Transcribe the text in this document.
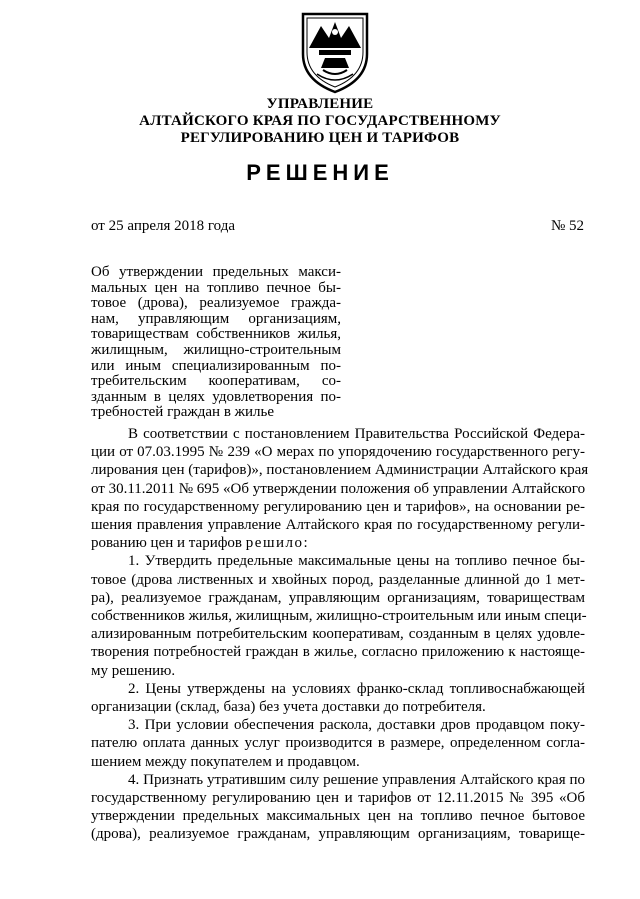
УПРАВЛЕНИЕ
АЛТАЙСКОГО КРАЯ ПО ГОСУДАРСТВЕННОМУ
РЕГУЛИРОВАНИЮ ЦЕН И ТАРИФОВ
РЕШЕНИЕ
от 25 апреля 2018 года	№ 52
Об утверждении предельных макси-
мальных цен на топливо печное бы-
товое (дрова), реализуемое гражда-
нам, управляющим организациям,
товариществам собственников жилья,
жилищным, жилищно-строительным
или иным специализированным по-
требительским кооперативам, со-
зданным в целях удовлетворения по-
требностей граждан в жилье
В соответствии с постановлением Правительства Российской Федера-
ции от 07.03.1995 № 239 «О мерах по упорядочению государственного регу-
лирования цен (тарифов)», постановлением Администрации Алтайского края
от 30.11.2011 № 695 «Об утверждении положения об управлении Алтайского
края по государственному регулированию цен и тарифов», на основании ре-
шения правления управление Алтайского края по государственному регули-
рованию цен и тарифов решило:
1. Утвердить предельные максимальные цены на топливо печное бы-
товое (дрова лиственных и хвойных пород, разделанные длинной до 1 мет-
ра), реализуемое гражданам, управляющим организациям, товариществам
собственников жилья, жилищным, жилищно-строительным или иным специ-
ализированным потребительским кооперативам, созданным в целях удовле-
творения потребностей граждан в жилье, согласно приложению к настояще-
му решению.
2. Цены утверждены на условиях франко-склад топливоснабжающей
организации (склад, база) без учета доставки до потребителя.
3. При условии обеспечения раскола, доставки дров продавцом поку-
пателю оплата данных услуг производится в размере, определенном согла-
шением между покупателем и продавцом.
4. Признать утратившим силу решение управления Алтайского края по
государственному регулированию цен и тарифов от 12.11.2015 № 395 «Об
утверждении предельных максимальных цен на топливо печное бытовое
(дрова), реализуемое гражданам, управляющим организациям, товарище-
